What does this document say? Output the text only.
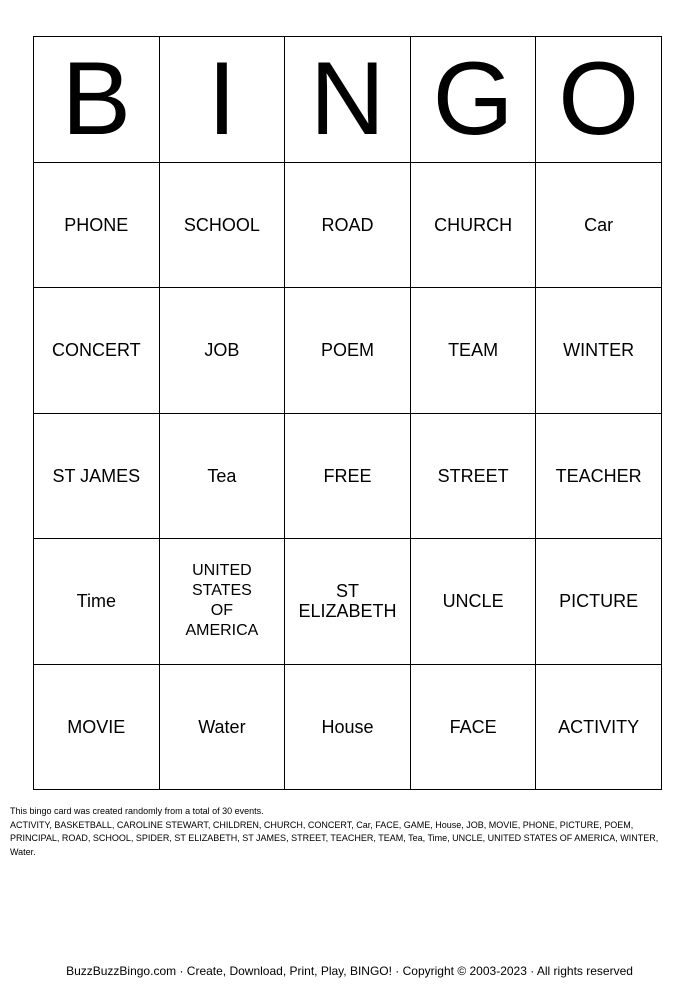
B	I	N	G	O
PHONE	SCHOOL	ROAD	CHURCH	Car
CONCERT	JOB	POEM	TEAM	WINTER
ST JAMES	Tea	FREE	STREET	TEACHER
Time	UNITED STATES OF AMERICA	ST ELIZABETH	UNCLE	PICTURE
MOVIE	Water	House	FACE	ACTIVITY
This bingo card was created randomly from a total of 30 events.
ACTIVITY, BASKETBALL, CAROLINE STEWART, CHILDREN, CHURCH, CONCERT, Car, FACE, GAME, House, JOB, MOVIE, PHONE, PICTURE, POEM, PRINCIPAL, ROAD, SCHOOL, SPIDER, ST ELIZABETH, ST JAMES, STREET, TEACHER, TEAM, Tea, Time, UNCLE, UNITED STATES OF AMERICA, WINTER, Water.
BuzzBuzzBingo.com · Create, Download, Print, Play, BINGO! · Copyright © 2003-2023 · All rights reserved
